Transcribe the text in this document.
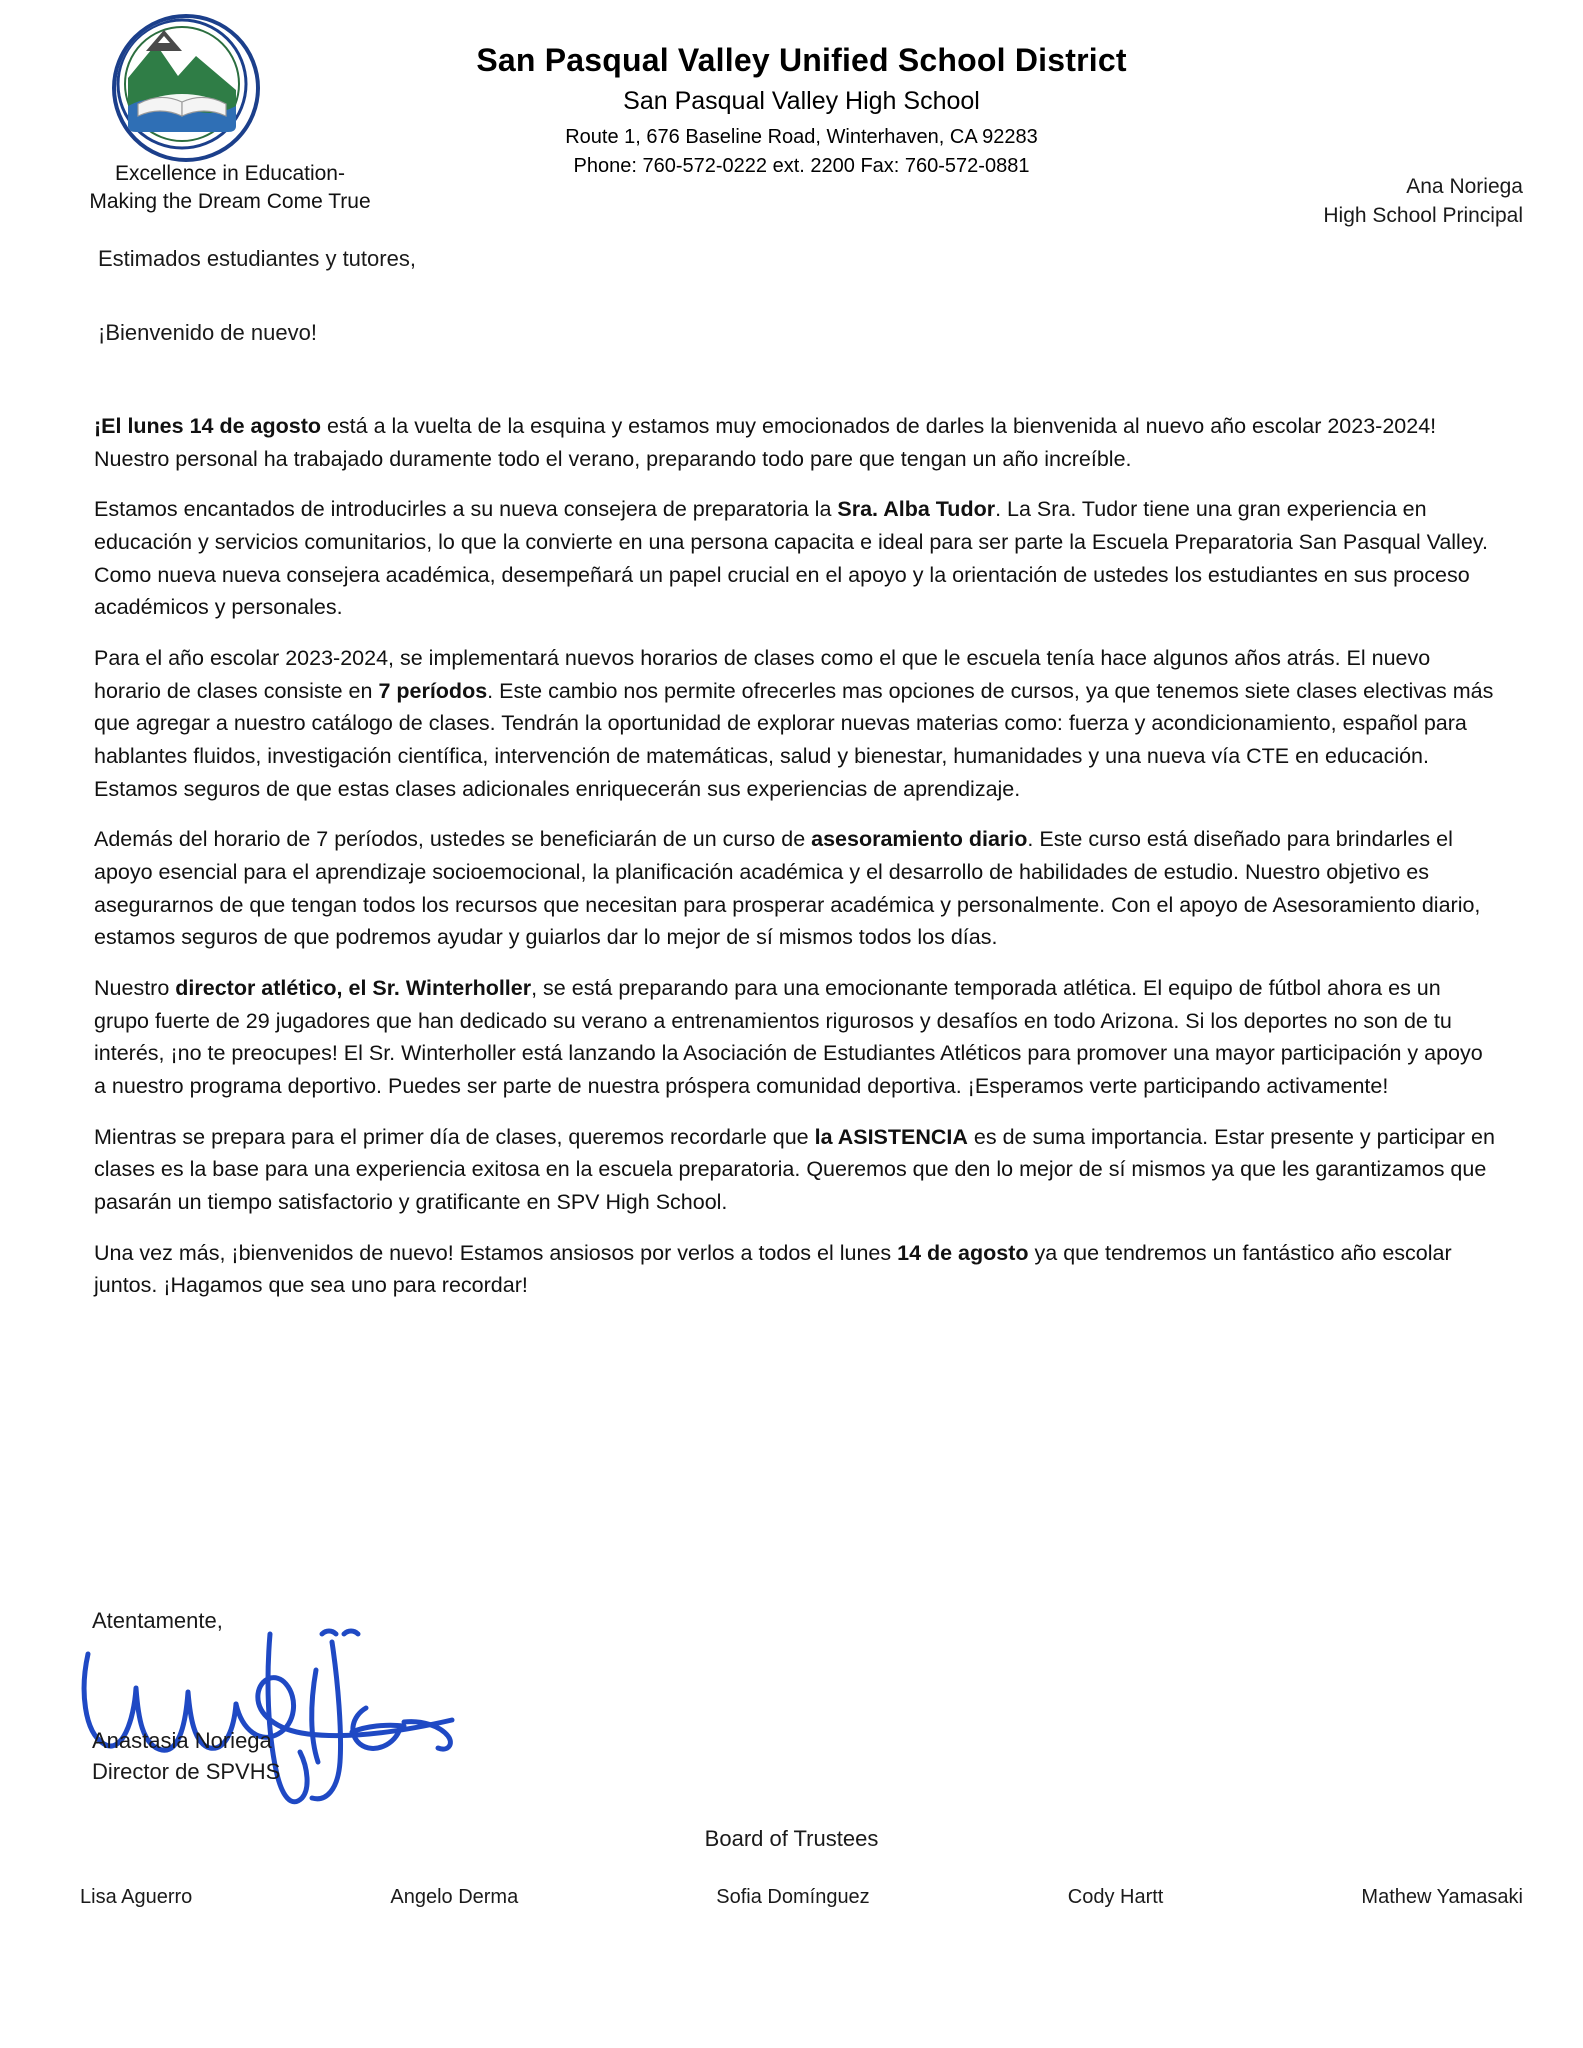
Excellence in Education-
Making the Dream Come True
San Pasqual Valley Unified School District
San Pasqual Valley High School
Route 1, 676 Baseline Road, Winterhaven, CA 92283
Phone: 760-572-0222 ext. 2200 Fax: 760-572-0881
Ana Noriega
High School Principal
Estimados estudiantes y tutores,
¡Bienvenido de nuevo!

¡El lunes 14 de agosto está a la vuelta de la esquina y estamos muy emocionados de darles la bienvenida al nuevo año escolar 2023-2024! Nuestro personal ha trabajado duramente todo el verano, preparando todo pare que tengan un año increíble.

Estamos encantados de introducirles a su nueva consejera de preparatoria la Sra. Alba Tudor. La Sra. Tudor tiene una gran experiencia en educación y servicios comunitarios, lo que la convierte en una persona capacita e ideal para ser parte la Escuela Preparatoria San Pasqual Valley. Como nueva nueva consejera académica, desempeñará un papel crucial en el apoyo y la orientación de ustedes los estudiantes en sus proceso académicos y personales.

Para el año escolar 2023-2024, se implementará nuevos horarios de clases como el que le escuela tenía hace algunos años atrás. El nuevo horario de clases consiste en 7 períodos. Este cambio nos permite ofrecerles mas opciones de cursos, ya que tenemos siete clases electivas más que agregar a nuestro catálogo de clases. Tendrán la oportunidad de explorar nuevas materias como: fuerza y acondicionamiento, español para hablantes fluidos, investigación científica, intervención de matemáticas, salud y bienestar, humanidades y una nueva vía CTE en educación. Estamos seguros de que estas clases adicionales enriquecerán sus experiencias de aprendizaje.

Además del horario de 7 períodos, ustedes se beneficiarán de un curso de asesoramiento diario. Este curso está diseñado para brindarles el apoyo esencial para el aprendizaje socioemocional, la planificación académica y el desarrollo de habilidades de estudio. Nuestro objetivo es asegurarnos de que tengan todos los recursos que necesitan para prosperar académica y personalmente. Con el apoyo de Asesoramiento diario, estamos seguros de que podremos ayudar y guiarlos dar lo mejor de sí mismos todos los días.

Nuestro director atlético, el Sr. Winterholler, se está preparando para una emocionante temporada atlética. El equipo de fútbol ahora es un grupo fuerte de 29 jugadores que han dedicado su verano a entrenamientos rigurosos y desafíos en todo Arizona. Si los deportes no son de tu interés, ¡no te preocupes! El Sr. Winterholler está lanzando la Asociación de Estudiantes Atléticos para promover una mayor participación y apoyo a nuestro programa deportivo. Puedes ser parte de nuestra próspera comunidad deportiva. ¡Esperamos verte participando activamente!

Mientras se prepara para el primer día de clases, queremos recordarle que la ASISTENCIA es de suma importancia. Estar presente y participar en clases es la base para una experiencia exitosa en la escuela preparatoria. Queremos que den lo mejor de sí mismos ya que les garantizamos que pasarán un tiempo satisfactorio y gratificante en SPV High School.

Una vez más, ¡bienvenidos de nuevo! Estamos ansiosos por verlos a todos el lunes 14 de agosto ya que tendremos un fantástico año escolar juntos. ¡Hagamos que sea uno para recordar!

Atentamente,
Anastasia Noriega
Director de SPVHS
Board of Trustees
Lisa Aguerro	Angelo Derma	Sofia Domínguez	Cody Hartt	Mathew Yamasaki
